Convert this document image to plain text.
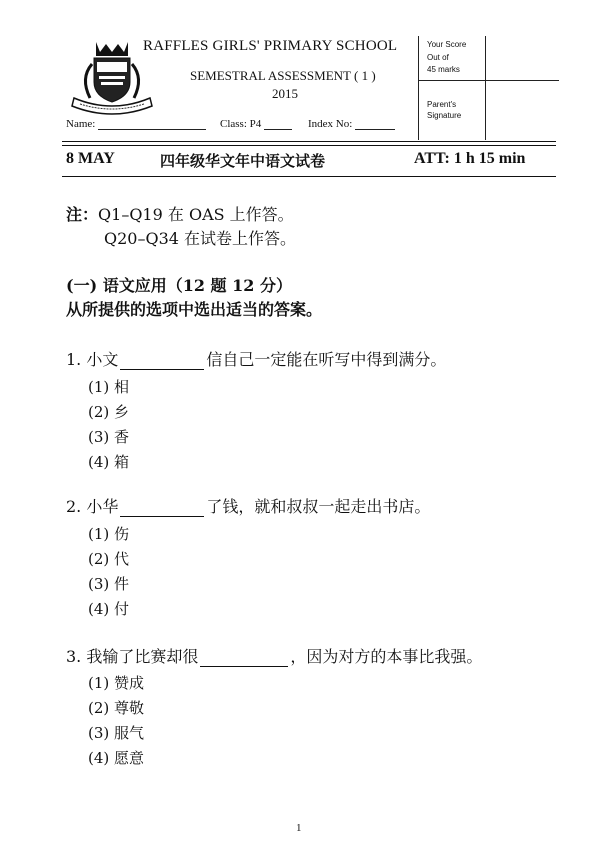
RAFFLES GIRLS' PRIMARY SCHOOL
SEMESTRAL ASSESSMENT ( 1 )
2015
Name:	Class: P4	Index No:
Your Score
Out of
45 marks
Parent's
Signature
8 MAY	四年级华文年中语文试卷	ATT: 1 h 15 min
注：Q1–Q19 在 OAS 上作答。
Q20–Q34 在试卷上作答。
(一) 语文应用（12 题 12 分）
从所提供的选项中选出适当的答案。
1. 小文	信自己一定能在听写中得到满分。
(1) 相
(2) 乡
(3) 香
(4) 箱
2. 小华	了钱，就和叔叔一起走出书店。
(1) 伤
(2) 代
(3) 件
(4) 付
3. 我输了比赛却很	，因为对方的本事比我强。
(1) 赞成
(2) 尊敬
(3) 服气
(4) 愿意
1
